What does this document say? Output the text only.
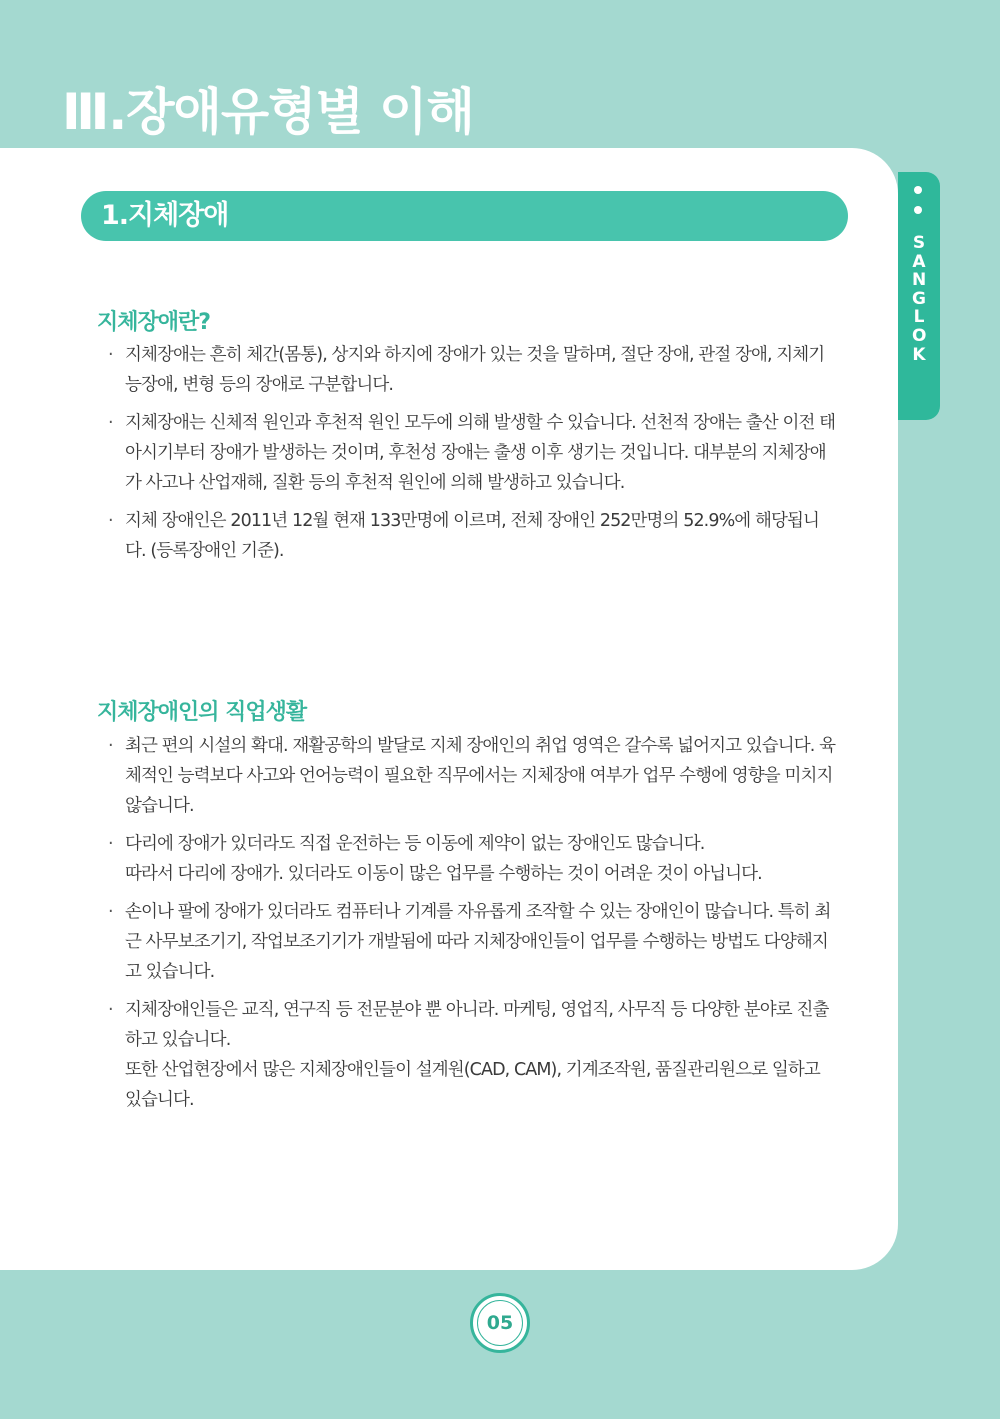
Ⅲ.장애유형별 이해
SANGLOK
1.지체장애
지체장애란?
· 지체장애는 흔히 체간(몸통), 상지와 하지에 장애가 있는 것을 말하며, 절단 장애, 관절 장애, 지체기능장애, 변형 등의 장애로 구분합니다.

· 지체장애는 신체적 원인과 후천적 원인 모두에 의해 발생할 수 있습니다. 선천적 장애는 출산 이전 태아시기부터 장애가 발생하는 것이며, 후천성 장애는 출생 이후 생기는 것입니다. 대부분의 지체장애가 사고나 산업재해, 질환 등의 후천적 원인에 의해 발생하고 있습니다.

· 지체 장애인은 2011년 12월 현재 133만명에 이르며, 전체 장애인 252만명의 52.9%에 해당됩니다. (등록장애인 기준).

지체장애인의 직업생활
· 최근 편의 시설의 확대. 재활공학의 발달로 지체 장애인의 취업 영역은 갈수록 넓어지고 있습니다. 육체적인 능력보다 사고와 언어능력이 필요한 직무에서는 지체장애 여부가 업무 수행에 영향을 미치지 않습니다.

· 다리에 장애가 있더라도 직접 운전하는 등 이동에 제약이 없는 장애인도 많습니다.

따라서 다리에 장애가. 있더라도 이동이 많은 업무를 수행하는 것이 어려운 것이 아닙니다.

· 손이나 팔에 장애가 있더라도 컴퓨터나 기계를 자유롭게 조작할 수 있는 장애인이 많습니다. 특히 최근 사무보조기기, 작업보조기기가 개발됨에 따라 지체장애인들이 업무를 수행하는 방법도 다양해지고 있습니다.

· 지체장애인들은 교직, 연구직 등 전문분야 뿐 아니라. 마케팅, 영업직, 사무직 등 다양한 분야로 진출하고 있습니다.

또한 산업현장에서 많은 지체장애인들이 설계원(CAD, CAM), 기계조작원, 품질관리원으로 일하고 있습니다.

05
